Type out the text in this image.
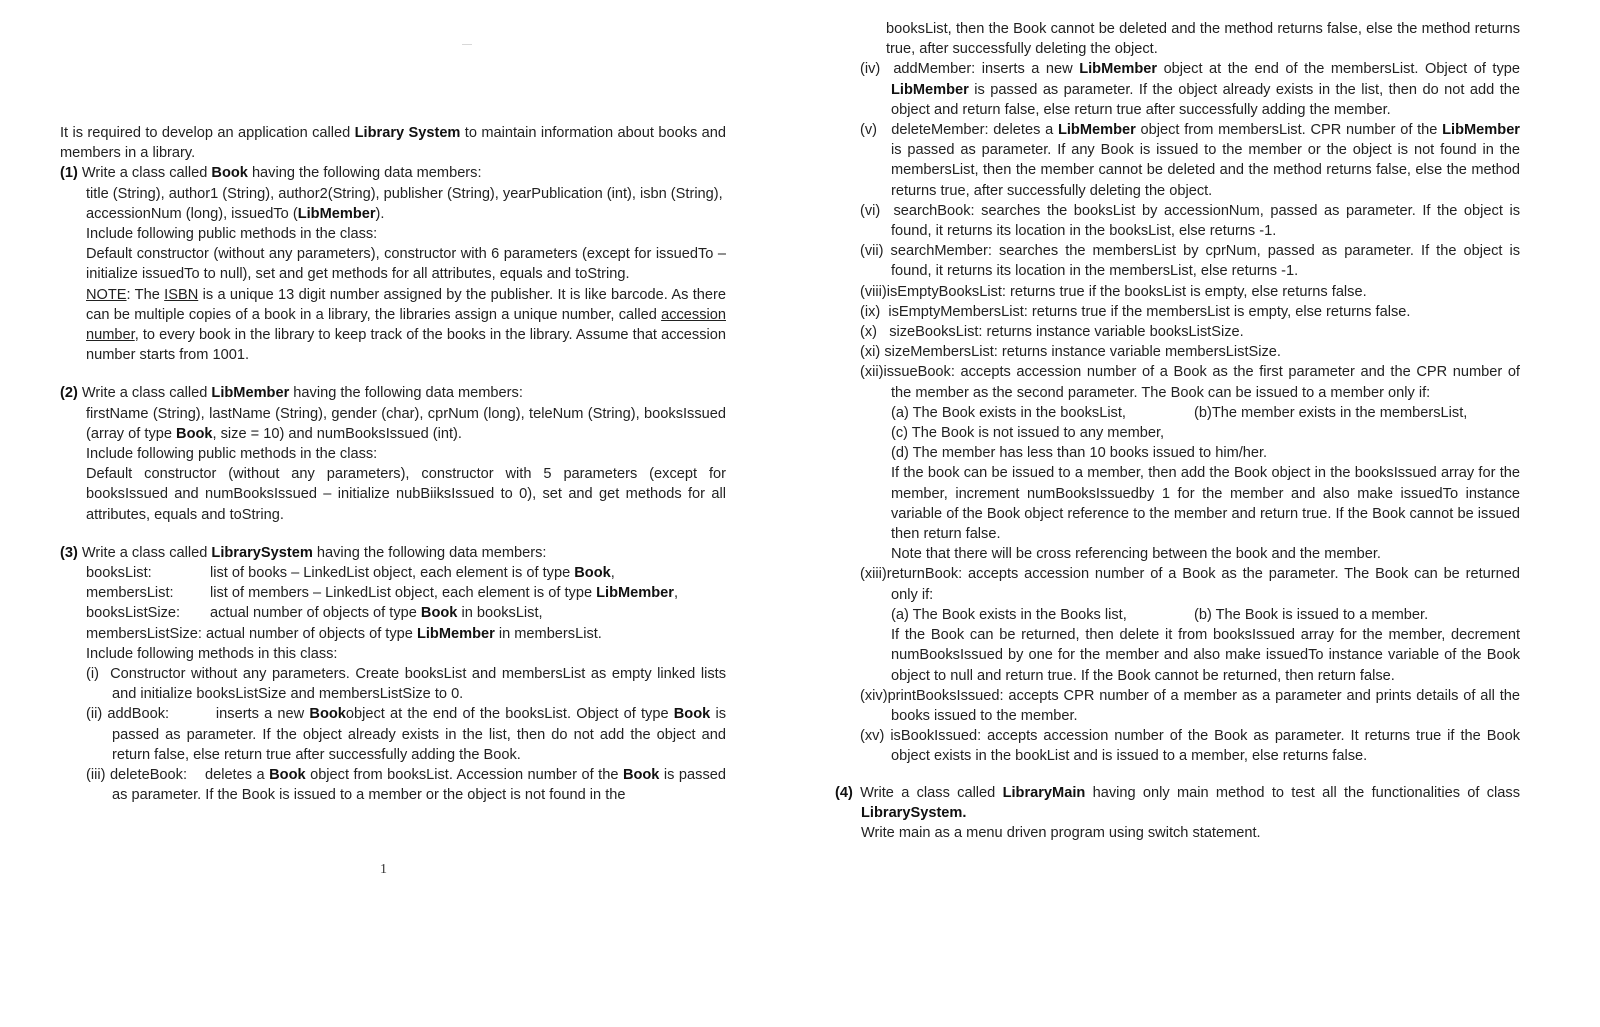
It is required to develop an application called Library System to maintain information about books and members in a library.

(1) Write a class called Book having the following data members:

title (String), author1 (String), author2(String), publisher (String), yearPublication (int), isbn (String), accessionNum (long), issuedTo (LibMember).

Include following public methods in the class:

Default constructor (without any parameters), constructor with 6 parameters (except for issuedTo – initialize issuedTo to null), set and get methods for all attributes, equals and toString.

NOTE: The ISBN is a unique 13 digit number assigned by the publisher. It is like barcode. As there can be multiple copies of a book in a library, the libraries assign a unique number, called accession number, to every book in the library to keep track of the books in the library. Assume that accession number starts from 1001.

(2) Write a class called LibMember having the following data members:

firstName (String), lastName (String), gender (char), cprNum (long), teleNum (String), booksIssued (array of type Book, size = 10) and numBooksIssued (int).

Include following public methods in the class:

Default constructor (without any parameters), constructor with 5 parameters (except for booksIssued and numBooksIssued – initialize nubBiiksIssued to 0), set and get methods for all attributes, equals and toString.

(3) Write a class called LibrarySystem having the following data members:

booksList:	list of books – LinkedList object, each element is of type Book,
membersList:	list of members – LinkedList object, each element is of type LibMember,
booksListSize:	actual number of objects of type Book in booksList,

membersListSize: actual number of objects of type LibMember in membersList.

Include following methods in this class:

(i) Constructor without any parameters. Create booksList and membersList as empty linked lists and initialize booksListSize and membersListSize to 0.

(ii) addBook:	inserts a new Bookobject at the end of the booksList. Object of type Book is passed as parameter. If the object already exists in the list, then do not add the object and return false, else return true after successfully adding the Book.

(iii) deleteBook: deletes a Book object from booksList. Accession number of the Book is passed as parameter. If the Book is issued to a member or the object is not found in the

1

booksList, then the Book cannot be deleted and the method returns false, else the method returns true, after successfully deleting the object.

(iv) addMember: inserts a new LibMember object at the end of the membersList. Object of type LibMember is passed as parameter. If the object already exists in the list, then do not add the object and return false, else return true after successfully adding the member.

(v) deleteMember: deletes a LibMember object from membersList. CPR number of the LibMember is passed as parameter. If any Book is issued to the member or the object is not found in the membersList, then the member cannot be deleted and the method returns false, else the method returns true, after successfully deleting the object.

(vi) searchBook: searches the booksList by accessionNum, passed as parameter. If the object is found, it returns its location in the booksList, else returns -1.

(vii) searchMember: searches the membersList by cprNum, passed as parameter. If the object is found, it returns its location in the membersList, else returns -1.

(viii)isEmptyBooksList: returns true if the booksList is empty, else returns false.

(ix) isEmptyMembersList: returns true if the membersList is empty, else returns false.

(x) sizeBooksList: returns instance variable booksListSize.

(xi) sizeMembersList: returns instance variable membersListSize.

(xii)issueBook: accepts accession number of a Book as the first parameter and the CPR number of the member as the second parameter. The Book can be issued to a member only if:

(a) The Book exists in the booksList,	(b)The member exists in the membersList,
(c) The Book is not issued to any member,
(d) The member has less than 10 books issued to him/her.

If the book can be issued to a member, then add the Book object in the booksIssued array for the member, increment numBooksIssuedby 1 for the member and also make issuedTo instance variable of the Book object reference to the member and return true. If the Book cannot be issued then return false.

Note that there will be cross referencing between the book and the member.

(xiii)returnBook: accepts accession number of a Book as the parameter. The Book can be returned only if:

(a) The Book exists in the Books list,	(b) The Book is issued to a member.

If the Book can be returned, then delete it from booksIssued array for the member, decrement numBooksIssued by one for the member and also make issuedTo instance variable of the Book object to null and return true. If the Book cannot be returned, then return false.

(xiv)printBooksIssued: accepts CPR number of a member as a parameter and prints details of all the books issued to the member.

(xv) isBookIssued: accepts accession number of the Book as parameter. It returns true if the Book object exists in the bookList and is issued to a member, else returns false.

(4) Write a class called LibraryMain having only main method to test all the functionalities of class LibrarySystem.

Write main as a menu driven program using switch statement.
